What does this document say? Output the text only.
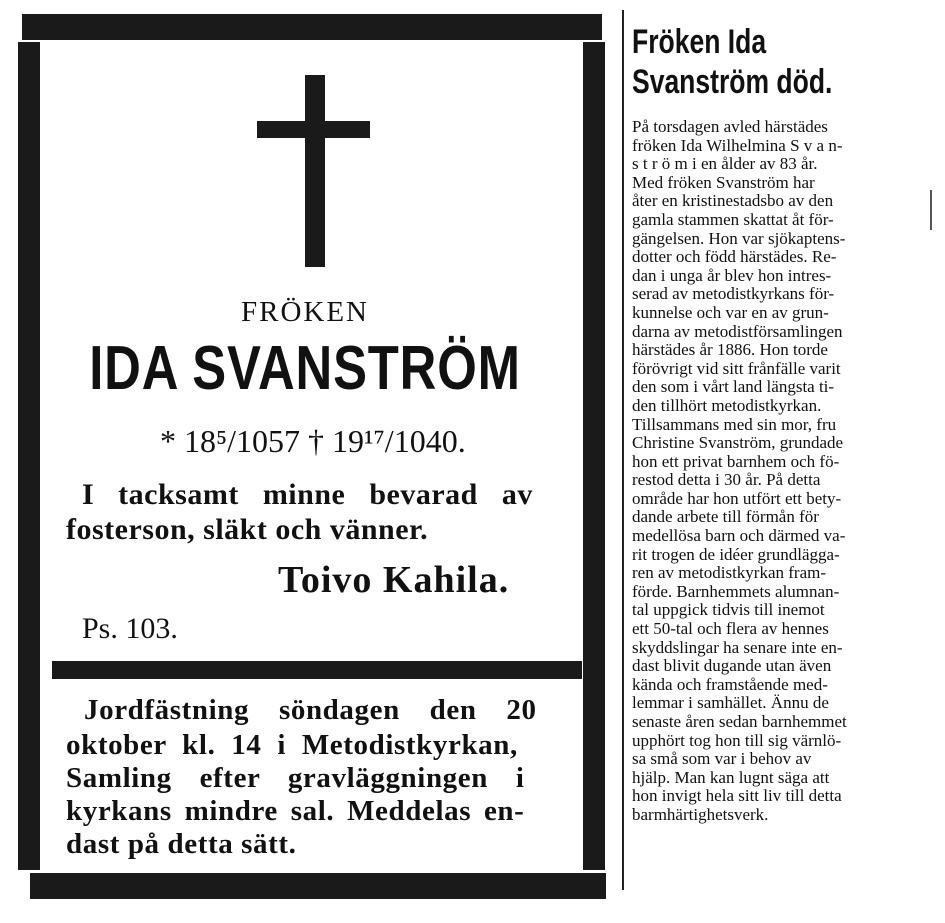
FRÖKEN
IDA SVANSTRÖM
* 18⁵/1057 † 19¹⁷/1040.
I tacksamt minne bevarad av
fosterson, släkt och vänner.
Toivo Kahila.
Ps. 103.
Jordfästning söndagen den 20
oktober kl. 14 i Metodistkyrkan,
Samling efter gravläggningen i
kyrkans mindre sal. Meddelas en-
dast på detta sätt.
Fröken Ida
Svanström död.
På torsdagen avled härstädes
fröken Ida Wilhelmina S v a n-
s t r ö m i en ålder av 83 år.
Med fröken Svanström har
åter en kristinestadsbo av den
gamla stammen skattat åt för-
gängelsen. Hon var sjökaptens-
dotter och född härstädes. Re-
dan i unga år blev hon intres-
serad av metodistkyrkans för-
kunnelse och var en av grun-
darna av metodistförsamlingen
härstädes år 1886. Hon torde
förövrigt vid sitt frånfälle varit
den som i vårt land längsta ti-
den tillhört metodistkyrkan.
Tillsammans med sin mor, fru
Christine Svanström, grundade
hon ett privat barnhem och fö-
restod detta i 30 år. På detta
område har hon utfört ett bety-
dande arbete till förmån för
medellösa barn och därmed va-
rit trogen de idéer grundlägga-
ren av metodistkyrkan fram-
förde. Barnhemmets alumnan-
tal uppgick tidvis till inemot
ett 50-tal och flera av hennes
skyddslingar ha senare inte en-
dast blivit dugande utan även
kända och framstående med-
lemmar i samhället. Ännu de
senaste åren sedan barnhemmet
upphört tog hon till sig värnlö-
sa små som var i behov av
hjälp. Man kan lugnt säga att
hon invigt hela sitt liv till detta
barmhärtighetsverk.
